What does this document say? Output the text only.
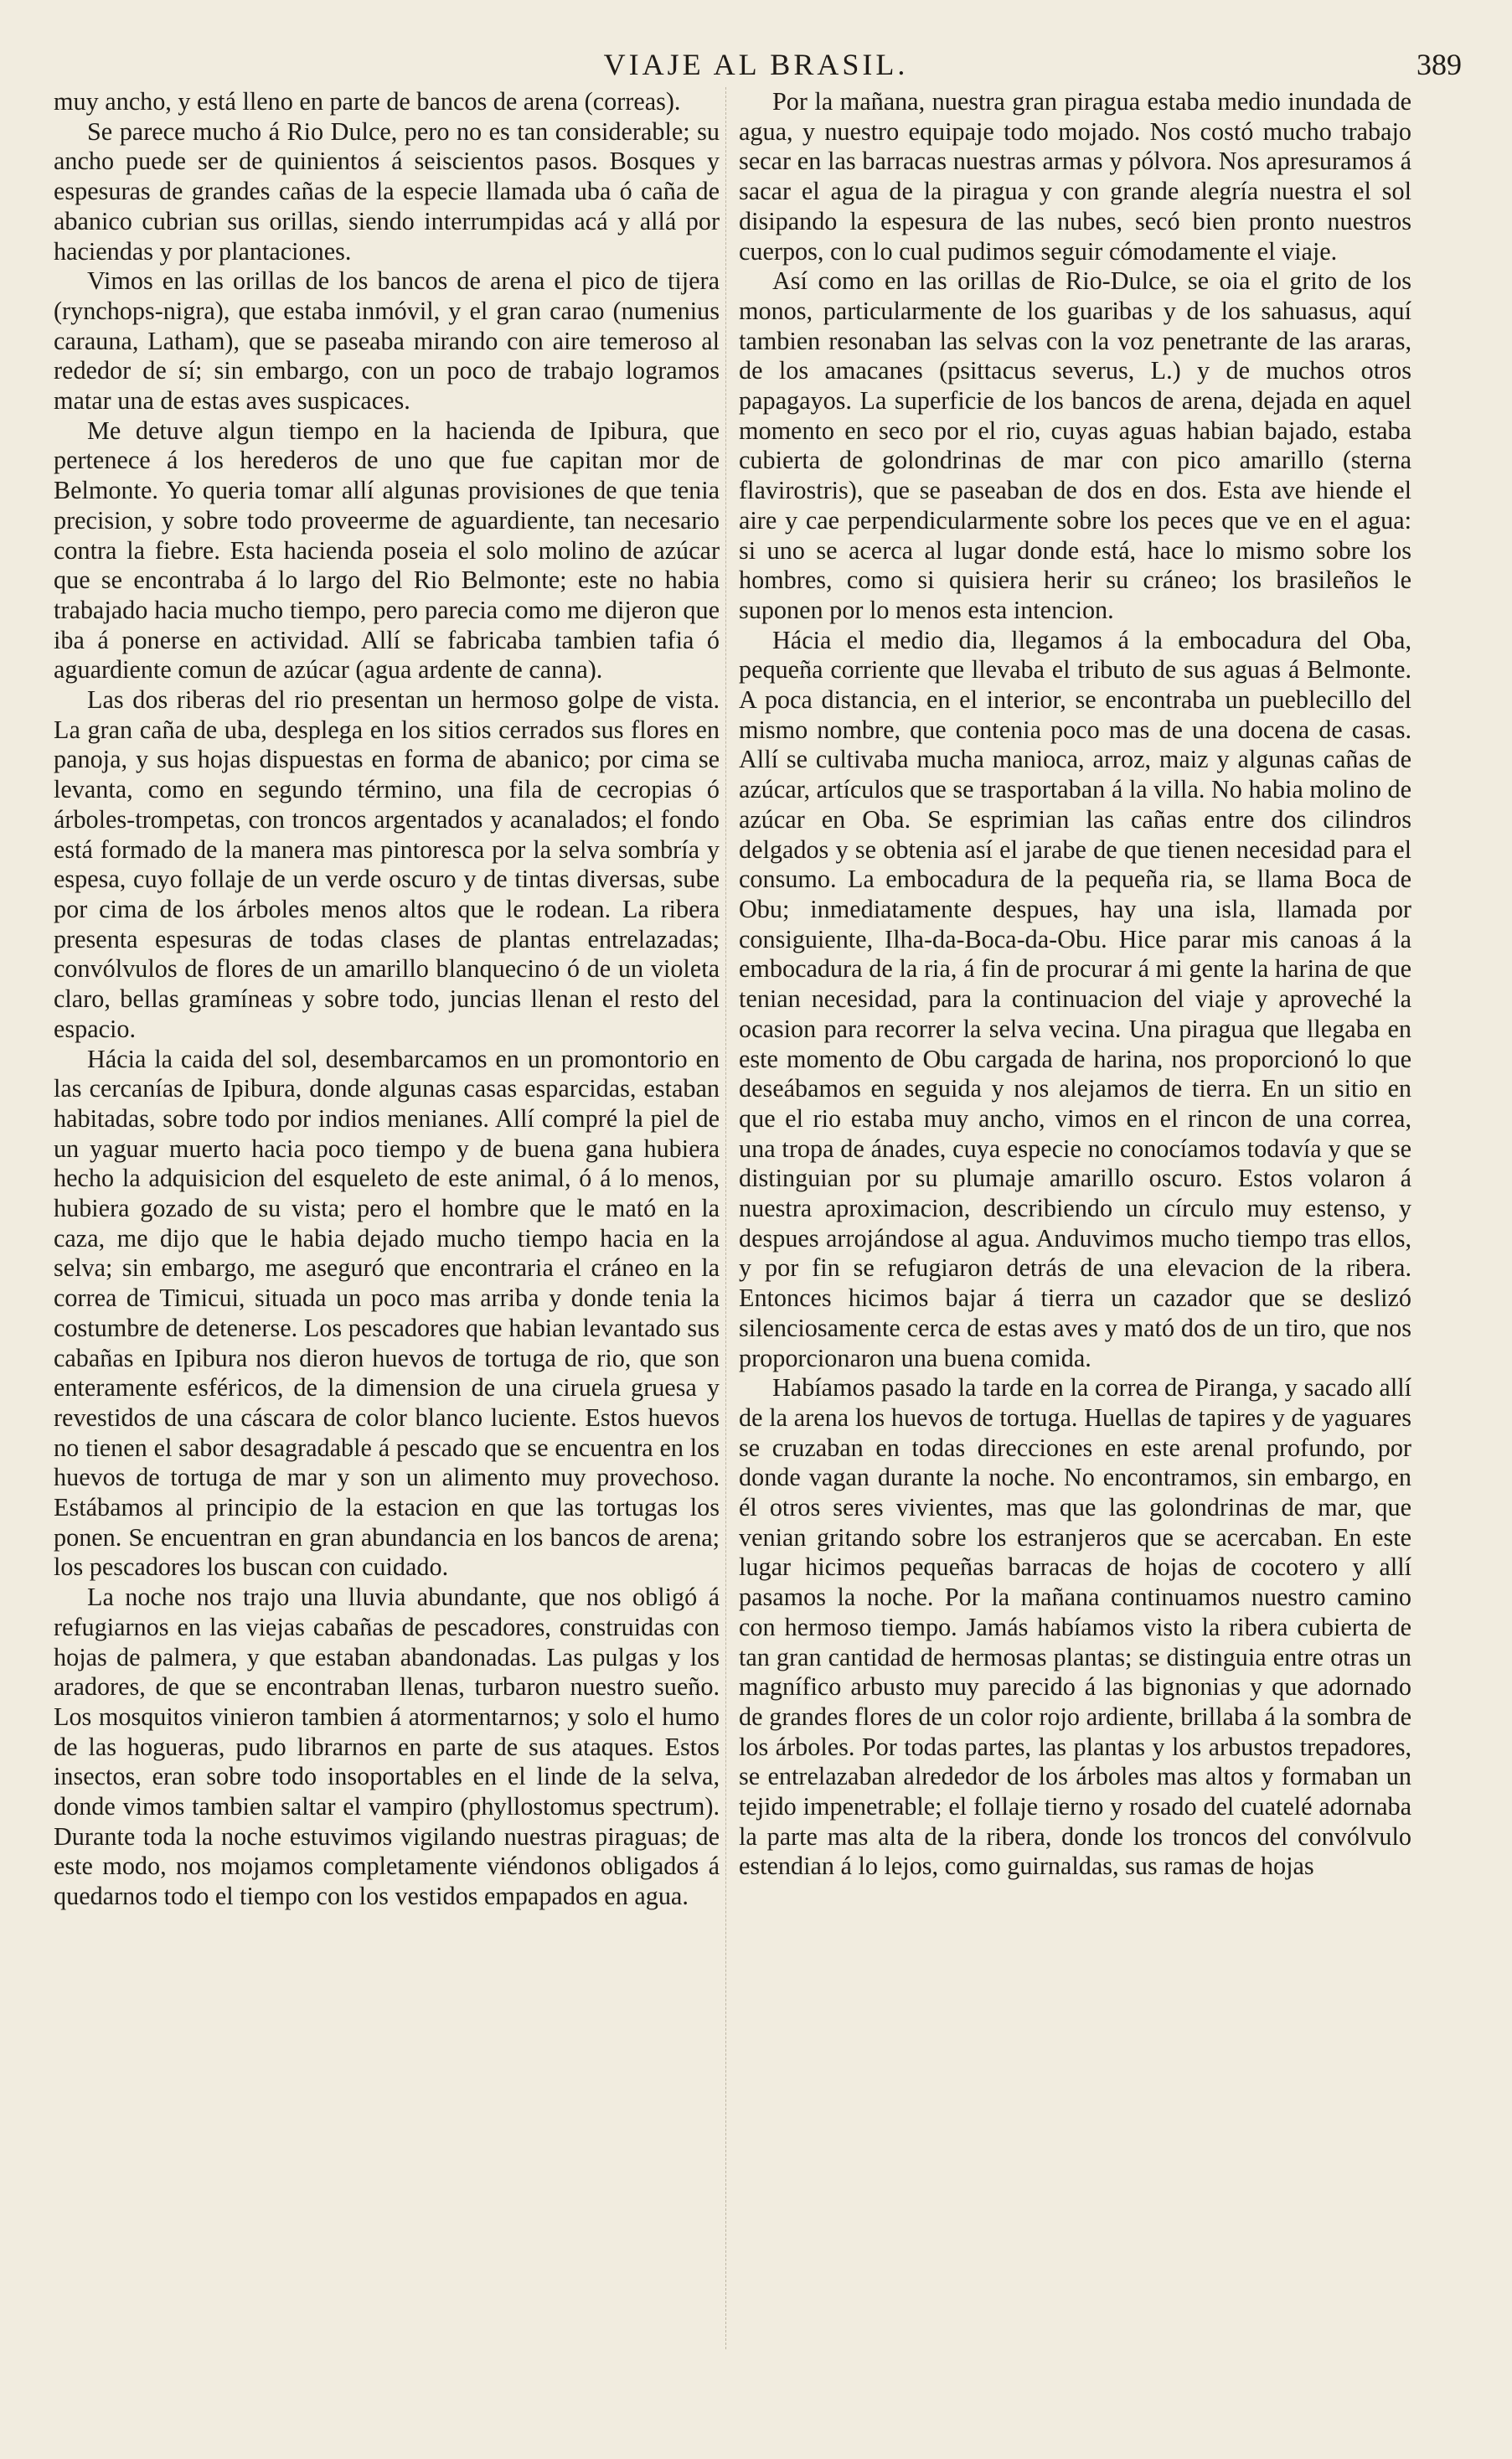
VIAJE AL BRASIL.	389

muy ancho, y está lleno en parte de bancos de arena (correas).

Se parece mucho á Rio Dulce, pero no es tan considerable; su ancho puede ser de quinientos á seiscientos pasos. Bosques y espesuras de grandes cañas de la especie llamada uba ó caña de abanico cubrian sus orillas, siendo interrumpidas acá y allá por haciendas y por plantaciones.

Vimos en las orillas de los bancos de arena el pico de tijera (rynchops-nigra), que estaba inmóvil, y el gran carao (numenius carauna, Latham), que se paseaba mirando con aire temeroso al rededor de sí; sin embargo, con un poco de trabajo logramos matar una de estas aves suspicaces.

Me detuve algun tiempo en la hacienda de Ipibura, que pertenece á los herederos de uno que fue capitan mor de Belmonte. Yo queria tomar allí algunas provisiones de que tenia precision, y sobre todo proveerme de aguardiente, tan necesario contra la fiebre. Esta hacienda poseia el solo molino de azúcar que se encontraba á lo largo del Rio Belmonte; este no habia trabajado hacia mucho tiempo, pero parecia como me dijeron que iba á ponerse en actividad. Allí se fabricaba tambien tafia ó aguardiente comun de azúcar (agua ardente de canna).

Las dos riberas del rio presentan un hermoso golpe de vista. La gran caña de uba, desplega en los sitios cerrados sus flores en panoja, y sus hojas dispuestas en forma de abanico; por cima se levanta, como en segundo término, una fila de cecropias ó árboles-trompetas, con troncos argentados y acanalados; el fondo está formado de la manera mas pintoresca por la selva sombría y espesa, cuyo follaje de un verde oscuro y de tintas diversas, sube por cima de los árboles menos altos que le rodean. La ribera presenta espesuras de todas clases de plantas entrelazadas; convólvulos de flores de un amarillo blanquecino ó de un violeta claro, bellas gramíneas y sobre todo, juncias llenan el resto del espacio.

Hácia la caida del sol, desembarcamos en un promontorio en las cercanías de Ipibura, donde algunas casas esparcidas, estaban habitadas, sobre todo por indios menianes. Allí compré la piel de un yaguar muerto hacia poco tiempo y de buena gana hubiera hecho la adquisicion del esqueleto de este animal, ó á lo menos, hubiera gozado de su vista; pero el hombre que le mató en la caza, me dijo que le habia dejado mucho tiempo hacia en la selva; sin embargo, me aseguró que encontraria el cráneo en la correa de Timicui, situada un poco mas arriba y donde tenia la costumbre de detenerse. Los pescadores que habian levantado sus cabañas en Ipibura nos dieron huevos de tortuga de rio, que son enteramente esféricos, de la dimension de una ciruela gruesa y revestidos de una cáscara de color blanco luciente. Estos huevos no tienen el sabor desagradable á pescado que se encuentra en los huevos de tortuga de mar y son un alimento muy provechoso. Estábamos al principio de la estacion en que las tortugas los ponen. Se encuentran en gran abundancia en los bancos de arena; los pescadores los buscan con cuidado.

La noche nos trajo una lluvia abundante, que nos obligó á refugiarnos en las viejas cabañas de pescadores, construidas con hojas de palmera, y que estaban abandonadas. Las pulgas y los aradores, de que se encontraban llenas, turbaron nuestro sueño. Los mosquitos vinieron tambien á atormentarnos; y solo el humo de las hogueras, pudo librarnos en parte de sus ataques. Estos insectos, eran sobre todo insoportables en el linde de la selva, donde vimos tambien saltar el vampiro (phyllostomus spectrum). Durante toda la noche estuvimos vigilando nuestras piraguas; de este modo, nos mojamos completamente viéndonos obligados á quedarnos todo el tiempo con los vestidos empapados en agua.

Por la mañana, nuestra gran piragua estaba medio inundada de agua, y nuestro equipaje todo mojado. Nos costó mucho trabajo secar en las barracas nuestras armas y pólvora. Nos apresuramos á sacar el agua de la piragua y con grande alegría nuestra el sol disipando la espesura de las nubes, secó bien pronto nuestros cuerpos, con lo cual pudimos seguir cómodamente el viaje.

Así como en las orillas de Rio-Dulce, se oia el grito de los monos, particularmente de los guaribas y de los sahuasus, aquí tambien resonaban las selvas con la voz penetrante de las araras, de los amacanes (psittacus severus, L.) y de muchos otros papagayos. La superficie de los bancos de arena, dejada en aquel momento en seco por el rio, cuyas aguas habian bajado, estaba cubierta de golondrinas de mar con pico amarillo (sterna flavirostris), que se paseaban de dos en dos. Esta ave hiende el aire y cae perpendicularmente sobre los peces que ve en el agua: si uno se acerca al lugar donde está, hace lo mismo sobre los hombres, como si quisiera herir su cráneo; los brasileños le suponen por lo menos esta intencion.

Hácia el medio dia, llegamos á la embocadura del Oba, pequeña corriente que llevaba el tributo de sus aguas á Belmonte. A poca distancia, en el interior, se encontraba un pueblecillo del mismo nombre, que contenia poco mas de una docena de casas. Allí se cultivaba mucha manioca, arroz, maiz y algunas cañas de azúcar, artículos que se trasportaban á la villa. No habia molino de azúcar en Oba. Se esprimian las cañas entre dos cilindros delgados y se obtenia así el jarabe de que tienen necesidad para el consumo. La embocadura de la pequeña ria, se llama Boca de Obu; inmediatamente despues, hay una isla, llamada por consiguiente, Ilha-da-Boca-da-Obu. Hice parar mis canoas á la embocadura de la ria, á fin de procurar á mi gente la harina de que tenian necesidad, para la continuacion del viaje y aproveché la ocasion para recorrer la selva vecina. Una piragua que llegaba en este momento de Obu cargada de harina, nos proporcionó lo que deseábamos en seguida y nos alejamos de tierra. En un sitio en que el rio estaba muy ancho, vimos en el rincon de una correa, una tropa de ánades, cuya especie no conocíamos todavía y que se distinguian por su plumaje amarillo oscuro. Estos volaron á nuestra aproximacion, describiendo un círculo muy estenso, y despues arrojándose al agua. Anduvimos mucho tiempo tras ellos, y por fin se refugiaron detrás de una elevacion de la ribera. Entonces hicimos bajar á tierra un cazador que se deslizó silenciosamente cerca de estas aves y mató dos de un tiro, que nos proporcionaron una buena comida.

Habíamos pasado la tarde en la correa de Piranga, y sacado allí de la arena los huevos de tortuga. Huellas de tapires y de yaguares se cruzaban en todas direcciones en este arenal profundo, por donde vagan durante la noche. No encontramos, sin embargo, en él otros seres vivientes, mas que las golondrinas de mar, que venian gritando sobre los estranjeros que se acercaban. En este lugar hicimos pequeñas barracas de hojas de cocotero y allí pasamos la noche. Por la mañana continuamos nuestro camino con hermoso tiempo. Jamás habíamos visto la ribera cubierta de tan gran cantidad de hermosas plantas; se distinguia entre otras un magnífico arbusto muy parecido á las bignonias y que adornado de grandes flores de un color rojo ardiente, brillaba á la sombra de los árboles. Por todas partes, las plantas y los arbustos trepadores, se entrelazaban alrededor de los árboles mas altos y formaban un tejido impenetrable; el follaje tierno y rosado del cuatelé adornaba la parte mas alta de la ribera, donde los troncos del convólvulo estendian á lo lejos, como guirnaldas, sus ramas de hojas
